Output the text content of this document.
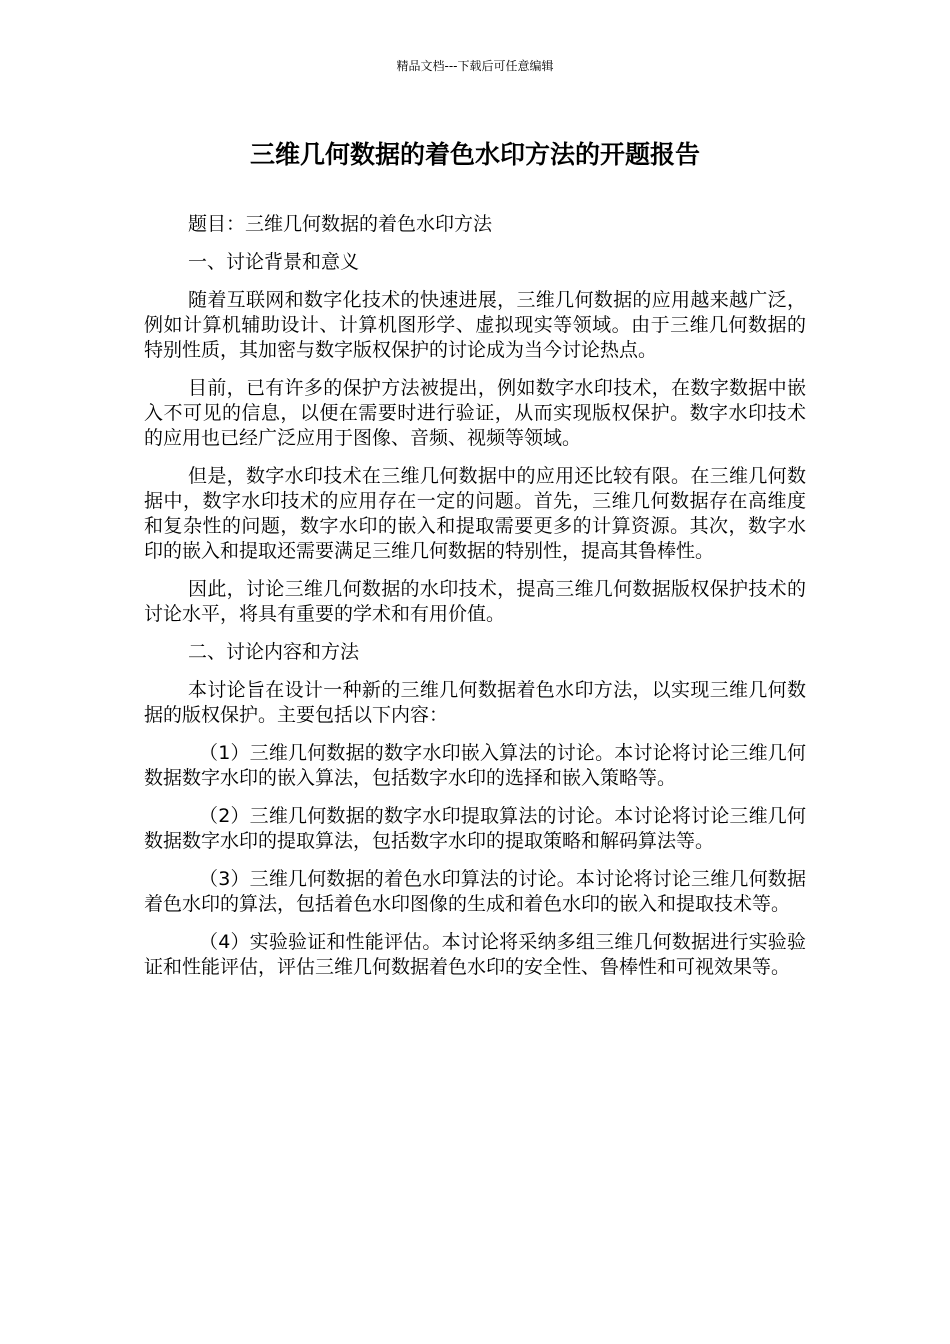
精品文档---下载后可任意编辑
三维几何数据的着色水印方法的开题报告

题目：三维几何数据的着色水印方法

一、讨论背景和意义

随着互联网和数字化技术的快速进展，三维几何数据的应用越来越广泛，例如计算机辅助设计、计算机图形学、虚拟现实等领域。由于三维几何数据的特别性质，其加密与数字版权保护的讨论成为当今讨论热点。

目前，已有许多的保护方法被提出，例如数字水印技术，在数字数据中嵌入不可见的信息，以便在需要时进行验证，从而实现版权保护。数字水印技术的应用也已经广泛应用于图像、音频、视频等领域。

但是，数字水印技术在三维几何数据中的应用还比较有限。在三维几何数据中，数字水印技术的应用存在一定的问题。首先，三维几何数据存在高维度和复杂性的问题，数字水印的嵌入和提取需要更多的计算资源。其次，数字水印的嵌入和提取还需要满足三维几何数据的特别性，提高其鲁棒性。

因此，讨论三维几何数据的水印技术，提高三维几何数据版权保护技术的讨论水平，将具有重要的学术和有用价值。

二、讨论内容和方法

本讨论旨在设计一种新的三维几何数据着色水印方法，以实现三维几何数据的版权保护。主要包括以下内容：

（1）三维几何数据的数字水印嵌入算法的讨论。本讨论将讨论三维几何数据数字水印的嵌入算法，包括数字水印的选择和嵌入策略等。

（2）三维几何数据的数字水印提取算法的讨论。本讨论将讨论三维几何数据数字水印的提取算法，包括数字水印的提取策略和解码算法等。

（3）三维几何数据的着色水印算法的讨论。本讨论将讨论三维几何数据着色水印的算法，包括着色水印图像的生成和着色水印的嵌入和提取技术等。

（4）实验验证和性能评估。本讨论将采纳多组三维几何数据进行实验验证和性能评估，评估三维几何数据着色水印的安全性、鲁棒性和可视效果等。
